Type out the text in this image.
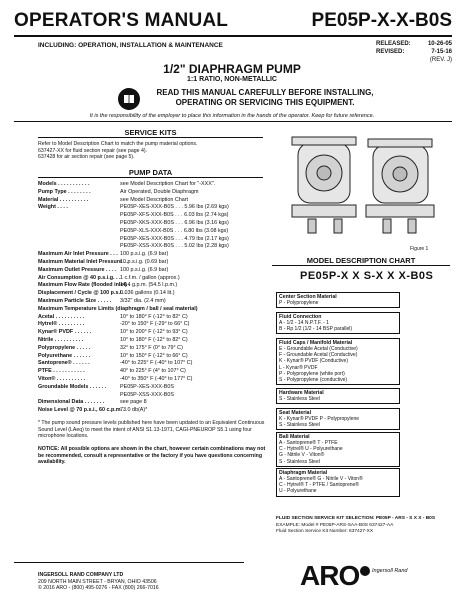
OPERATOR'S MANUAL	PE05P-X-X-B0S
INCLUDING: OPERATION, INSTALLATION & MAINTENANCE	RELEASED:	10-26-05
REVISED:	7-15-16
(REV. J)
1/2" DIAPHRAGM PUMP
1:1 RATIO, NON-METALLIC
READ THIS MANUAL CAREFULLY BEFORE INSTALLING,
OPERATING OR SERVICING THIS EQUIPMENT.
It is the responsibility of the employer to place this information in the hands of the operator. Keep for future reference.
SERVICE KITS
Refer to Model Description Chart to match the pump material options.
637427-XX for fluid section repair (see page 4).
637428 for air section repair (see page 5).
PUMP DATA
Models . . . . . . . . . . .	see Model Description Chart for "-XXX".
Pump Type . . . . . . . .	Air Operated, Double Diaphragm
Material . . . . . . . . . .	see Model Description Chart
Weight . . . .	PE05P-XES-XXX-B0S . . . 5.96 lbs (2.69 kgs)
PE05P-XFS-XXX-B0S . . . 6.03 lbs (2.74 kgs)
PE05P-XKS-XXX-B0S . . . 6.96 lbs (3.16 kgs)
PE05P-XLS-XXX-B0S . . . 6.80 lbs (3.08 kgs)
PE05P-XES-XXX-B0S . . . 4.79 lbs (2.17 kgs)
PE05P-XSS-XXX-B0S . . . 5.02 lbs (2.28 kgs)
Maximum Air Inlet Pressure . . . 100 p.s.i.g. (6.9 bar)
Maximum Material Inlet Pressure . .10 p.s.i.g. (0.69 bar)
Maximum Outlet Pressure . . . . 100 p.s.i.g. (6.9 bar)
Air Consumption @ 40 p.s.i.g. . .1 c.f.m. / gallon (approx.)
Maximum Flow Rate (flooded inlet) .14.4 g.p.m. (54.5 l.p.m.)
Displacement / Cycle @ 100 p.s.i. .0.036 gallons (0.14 lit.)
Maximum Particle Size . . . . . 3/32" dia. (2.4 mm)
Maximum Temperature Limits (diaphragm / ball / seal material)
Acetal . . . . . . . . . .	10° to 180° F (-12° to 82° C)
Hytrel® . . . . . . . . .	-20° to 150° F (-29° to 66° C)
Kynar® PVDF . . . . . .	10° to 200° F (-12° to 93° C)
Nitrile . . . . . . . . . .	10° to 180° F (-12° to 82° C)
Polypropylene . . . . .	32° to 175° F (0° to 79° C)
Polyurethane . . . . . .	10° to 150° F (-12° to 66° C)
Santoprene® . . . . . .	-40° to 225° F (-40° to 107° C)
PTFE . . . . . . . . . . .	40° to 225° F (4° to 107° C)
Viton® . . . . . . . . . .	-40° to 350° F (-40° to 177° C)
Groundable Models . . . . . .	PE05P-XES-XXX-B0S
PE05P-XSS-XXX-B0S
Dimensional Data . . . . . . .	see page 8
Noise Level @ 70 p.s.i., 60 c.p.m. .73.0 db(A)*
* The pump sound pressure levels published here have been updated to an Equivalent Continuous Sound Level (LAeq) to meet the intent of ANSI S1.13-1971, CAGI-PNEUROP S5.1 using four microphone locations.
NOTICE: All possible options are shown in the chart, however certain combinations may not be recommended, consult a representative or the factory if you have questions concerning availability.
Figure 1
MODEL DESCRIPTION CHART
PE05P-X X S-X X X-B0S
Center Section Material
P - Polypropylene
Fluid Connection
A - 1/2 - 14 N.P.T.F. - 1
B - Rp 1/2 (1/2 - 14 BSP parallel)
Fluid Caps / Manifold Material
E - Groundable Acetal (Conductive)
F - Groundable Acetal (Conductive)
K - Kynar® PVDF (Conductive)
L - Kynar® PVDF
P - Polypropylene (white port)
S - Polypropylene (conductive)
Hardware Material
S - Stainless Steel
Seat Material
K - Kynar® PVDF P - Polypropylene
S - Stainless Steel
Ball Material
A - Santoprene® T - PTFE
C - Hytrel® U - Polyurethane
G - Nitrile V - Viton®
S - Stainless Steel
Diaphragm Material
A - Santoprene® G - Nitrile V - Viton®
C - Hytrel® T - PTFE / Santoprene®
U - Polyurethane
FLUID SECTION SERVICE KIT SELECTION: PE05P - ARS - S X X - B0S
EXAMPLE: Model # PE05P-ARS-SAA-B0S 637427-AA
Fluid Section Service Kit Number: 637427-XX
INGERSOLL RAND COMPANY LTD
209 NORTH MAIN STREET - BRYAN, OHIO 43506
© 2016 ARO - (800) 495-0276 - FAX (800) 266-7016	ARO Ingersoll Rand
